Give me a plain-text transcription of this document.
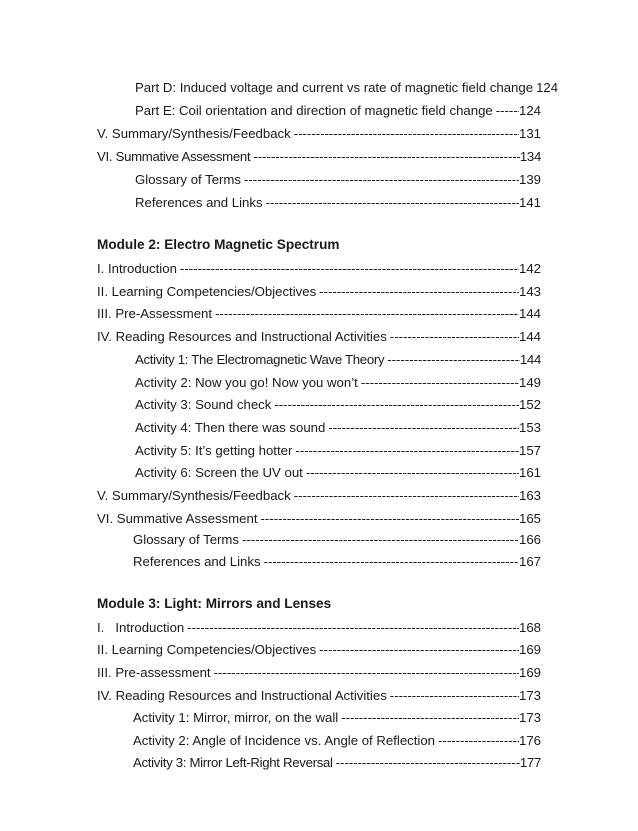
Part D: Induced voltage and current vs rate of magnetic field change ----- 124
Part E: Coil orientation and direction of magnetic field change ----- 124
V. Summary/Synthesis/Feedback -----	131
VI. Summative Assessment -----	134
Glossary of Terms -----	139
References and Links -----	141
Module 2: Electro Magnetic Spectrum
I. Introduction -----	142
II. Learning Competencies/Objectives -----	143
III. Pre-Assessment -----	144
IV. Reading Resources and Instructional Activities -----	144
Activity 1: The Electromagnetic Wave Theory -----	144
Activity 2: Now you go! Now you won’t -----	149
Activity 3: Sound check -----	152
Activity 4: Then there was sound -----	153
Activity 5: It’s getting hotter -----	157
Activity 6: Screen the UV out -----	161
V. Summary/Synthesis/Feedback -----	163
VI. Summative Assessment -----	165
Glossary of Terms -----	166
References and Links -----	167
Module 3: Light: Mirrors and Lenses
I.   Introduction -----	168
II. Learning Competencies/Objectives -----	169
III. Pre-assessment -----	169
IV. Reading Resources and Instructional Activities -----	173
Activity 1: Mirror, mirror, on the wall -----	173
Activity 2: Angle of Incidence vs. Angle of Reflection -----	176
Activity 3: Mirror Left-Right Reversal -----	177
